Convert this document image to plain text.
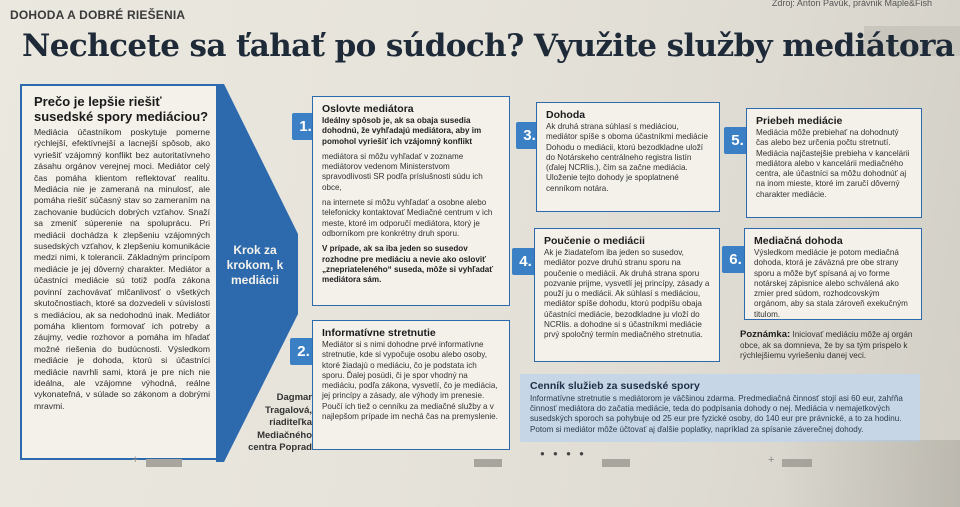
DOHODA A DOBRÉ RIEŠENIA
Zdroj: Anton Pavúk, právnik Maple&Fish
Nechcete sa ťahať po súdoch? Využite služby mediátora
Prečo je lepšie riešiť susedské spory mediáciou?
Mediácia účastníkom poskytuje pomerne rýchlejší, efektívnejší a lacnejší spôsob, ako vyriešiť vzájomný konflikt bez autoritatívneho zásahu orgánov verejnej moci. Mediátor celý čas pomáha klientom reflektovať realitu. Mediácia nie je zameraná na minulosť, ale pomáha riešiť súčasný stav so zameraním na zachovanie budúcich dobrých vzťahov. Snaží sa zmeniť súperenie na spoluprácu. Pri mediácii dochádza k zlepšeniu vzájomných susedských vzťahov, k zlepšeniu komunikácie medzi nimi, k tolerancii. Základným princípom mediácie je jej dôverný charakter. Mediátor a účastníci mediácie sú totiž podľa zákona povinní zachovávať mlčanlivosť o všetkých skutočnostiach, ktoré sa dozvedeli v súvislosti s mediáciou, ak sa nedohodnú inak. Mediátor pomáha klientom formovať ich potreby a záujmy, vedie rozhovor a pomáha im hľadať možné riešenia do budúcnosti. Výsledkom mediácie je dohoda, ktorú si účastníci mediácie navrhli sami, ktorá je pre nich nie ideálna, ale vzájomne výhodná, reálne vykonateľná, v súlade so zákonom a dobrými mravmi.
Krok za krokom, k mediácii
Dagmar Tragalová, riaditeľka Mediačného centra Poprad
1.
Oslovte mediátora
Ideálny spôsob je, ak sa obaja susedia dohodnú, že vyhľadajú mediátora, aby im pomohol vyriešiť ich vzájomný konflikt
mediátora si môžu vyhľadať v zozname mediátorov vedenom Ministerstvom spravodlivosti SR podľa príslušnosti súdu ich obce,
na internete si môžu vyhľadať a osobne alebo telefonicky kontaktovať Mediačné centrum v ich meste, ktoré im odporučí mediátora, ktorý je odborníkom pre konkrétny druh sporu.
V prípade, ak sa iba jeden so susedov rozhodne pre mediáciu a nevie ako osloviť „znepriateleného“ suseda, môže si vyhľadať mediátora sám.
2.
Informatívne stretnutie
Mediátor si s nimi dohodne prvé informatívne stretnutie, kde si vypočuje osobu alebo osoby, ktoré žiadajú o mediáciu, čo je podstata ich sporu. Ďalej posúdi, či je spor vhodný na mediáciu, podľa zákona, vysvetlí, čo je mediácia, jej princípy a zásady, ale výhody im prenesie. Poučí ich tiež o cenníku za mediačné služby a v najlepšom prípade im nechá čas na premyslenie.
3.
Dohoda
Ak druhá strana súhlasí s mediáciou, mediátor spíše s oboma účastníkmi mediácie Dohodu o mediácii, ktorú bezodkladne uloží do Notárskeho centrálneho registra listín (ďalej NCRlis.), čím sa začne mediácia. Uloženie tejto dohody je spoplatnené cenníkom notára.
4.
Poučenie o mediácii
Ak je žiadateľom iba jeden so susedov, mediátor pozve druhú stranu sporu na poučenie o mediácii. Ak druhá strana sporu pozvanie prijme, vysvetlí jej princípy, zásady a použí ju o mediácii. Ak súhlasí s mediáciou, mediátor spíše dohodu, ktorú podpíšu obaja účastníci mediácie, bezodkladne ju vloží do NCRlis. a dohodne si s účastníkmi mediácie prvý spoločný termín mediačného stretnutia.
5.
Priebeh mediácie
Mediácia môže prebiehať na dohodnutý čas alebo bez určenia počtu stretnutí. Mediácia najčastejšie prebieha v kancelárii mediátora alebo v kancelárii mediačného centra, ale účastníci sa môžu dohodnúť aj na inom mieste, ktoré im zaručí dôverný charakter mediácie.
6.
Mediačná dohoda
Výsledkom mediácie je potom mediačná dohoda, ktorá je záväzná pre obe strany sporu a môže byť spísaná aj vo forme notárskej zápisnice alebo schválená ako zmier pred súdom, rozhodcovským orgánom, aby sa stala zároveň exekučným titulom.
Poznámka: Iniciovať mediáciu môže aj orgán obce, ak sa domnieva, že by sa tým prispelo k rýchlejšiemu vyriešeniu danej veci.
Cenník služieb za susedské spory
Informatívne stretnutie s mediátorom je väčšinou zdarma. Predmediačná činnosť stojí asi 60 eur, zahŕňa činnosť mediátora do začatia mediácie, teda do podpísania dohody o nej. Mediácia v nemajetkových susedských sporoch sa pohybuje od 25 eur pre fyzické osoby, do 140 eur pre právnické, a to za hodinu. Potom si mediátor môže účtovať aj ďalšie poplatky, napríklad za spísanie záverečnej dohody.
+
● ● ● ●
+
